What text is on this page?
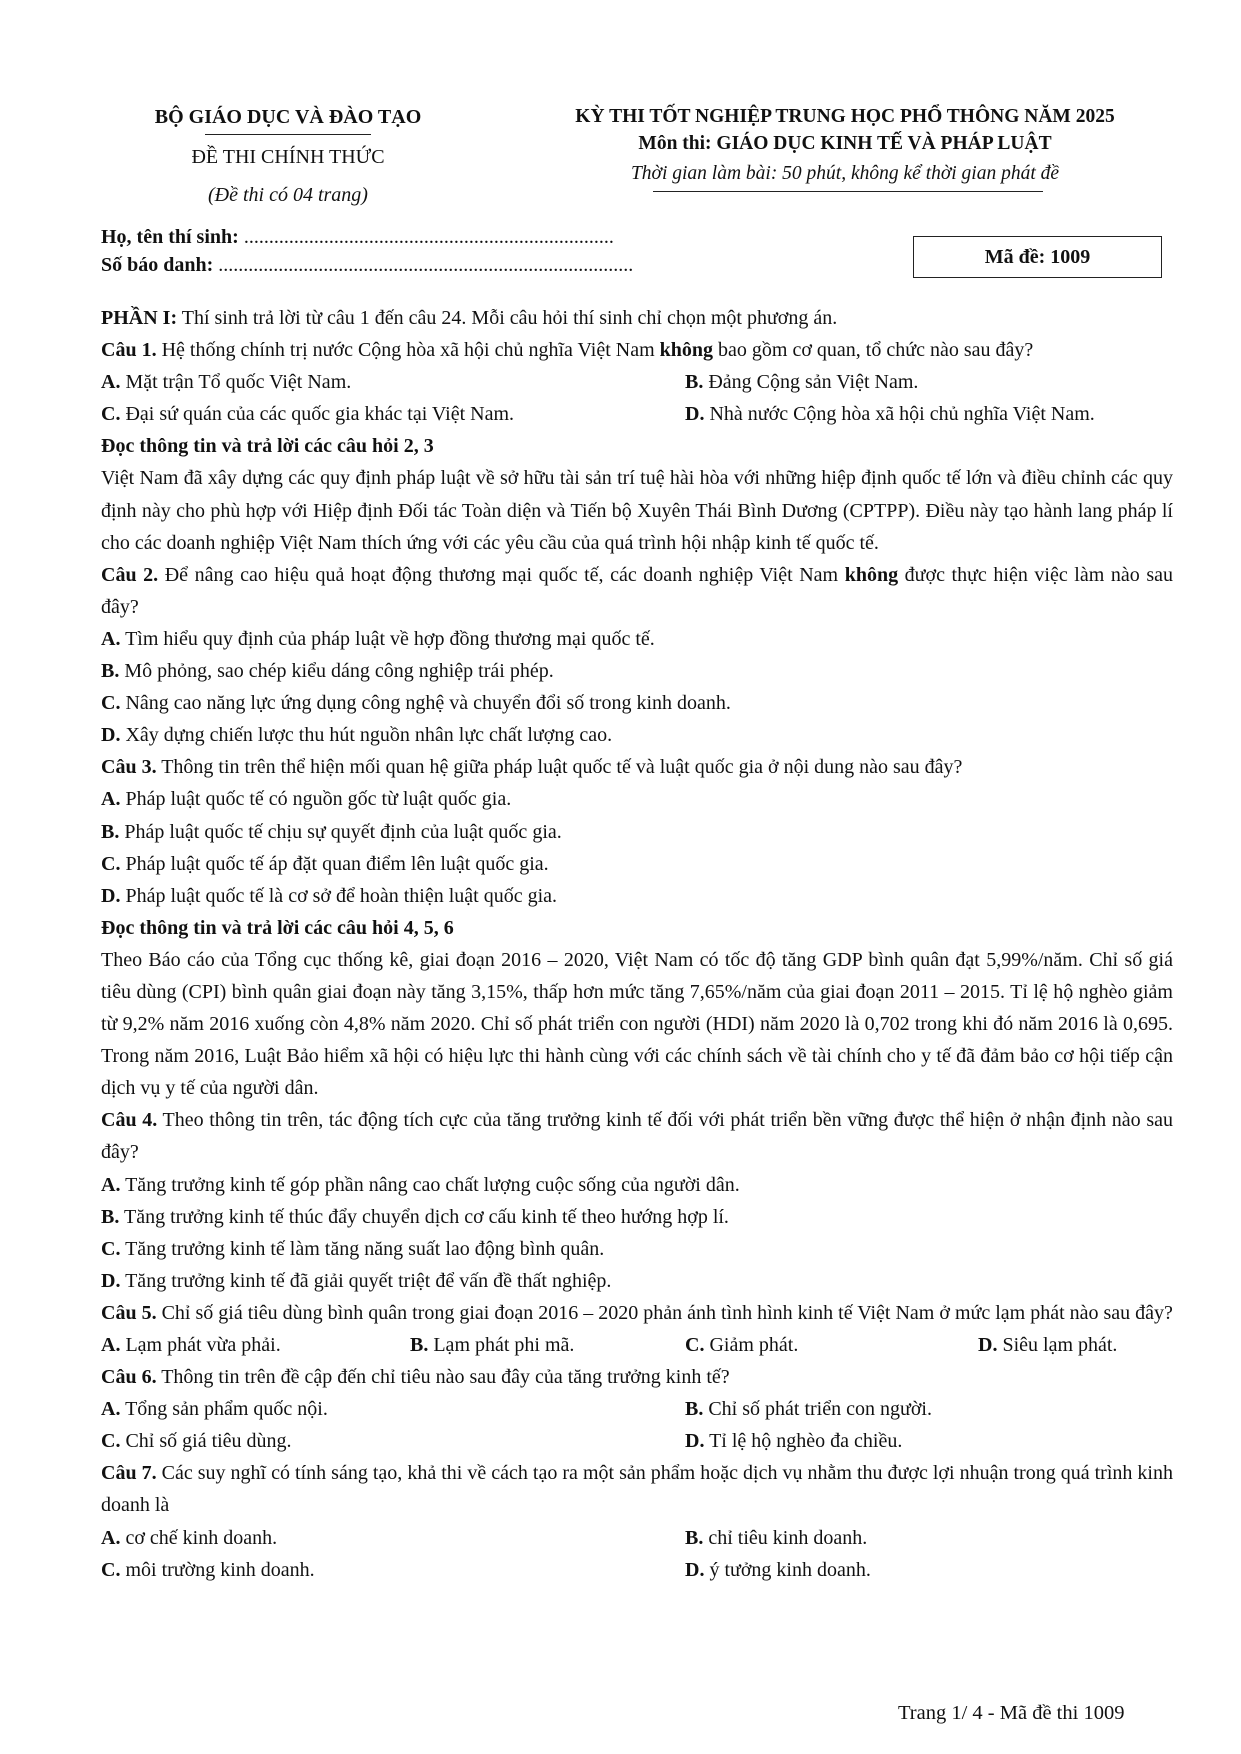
BỘ GIÁO DỤC VÀ ĐÀO TẠO
ĐỀ THI CHÍNH THỨC
(Đề thi có 04 trang)
KỲ THI TỐT NGHIỆP TRUNG HỌC PHỔ THÔNG NĂM 2025
Môn thi: GIÁO DỤC KINH TẾ VÀ PHÁP LUẬT
Thời gian làm bài: 50 phút, không kể thời gian phát đề
Họ, tên thí sinh: ..........................................................................
Số báo danh: ...................................................................................	Mã đề: 1009
PHẦN I: Thí sinh trả lời từ câu 1 đến câu 24. Mỗi câu hỏi thí sinh chỉ chọn một phương án.
Câu 1. Hệ thống chính trị nước Cộng hòa xã hội chủ nghĩa Việt Nam không bao gồm cơ quan, tổ chức nào sau đây?
A. Mặt trận Tổ quốc Việt Nam.	B. Đảng Cộng sản Việt Nam.
C. Đại sứ quán của các quốc gia khác tại Việt Nam.	D. Nhà nước Cộng hòa xã hội chủ nghĩa Việt Nam.
Đọc thông tin và trả lời các câu hỏi 2, 3
Việt Nam đã xây dựng các quy định pháp luật về sở hữu tài sản trí tuệ hài hòa với những hiệp định quốc tế lớn và điều chỉnh các quy định này cho phù hợp với Hiệp định Đối tác Toàn diện và Tiến bộ Xuyên Thái Bình Dương (CPTPP). Điều này tạo hành lang pháp lí cho các doanh nghiệp Việt Nam thích ứng với các yêu cầu của quá trình hội nhập kinh tế quốc tế.
Câu 2. Để nâng cao hiệu quả hoạt động thương mại quốc tế, các doanh nghiệp Việt Nam không được thực hiện việc làm nào sau đây?
A. Tìm hiểu quy định của pháp luật về hợp đồng thương mại quốc tế.
B. Mô phỏng, sao chép kiểu dáng công nghiệp trái phép.
C. Nâng cao năng lực ứng dụng công nghệ và chuyển đổi số trong kinh doanh.
D. Xây dựng chiến lược thu hút nguồn nhân lực chất lượng cao.
Câu 3. Thông tin trên thể hiện mối quan hệ giữa pháp luật quốc tế và luật quốc gia ở nội dung nào sau đây?
A. Pháp luật quốc tế có nguồn gốc từ luật quốc gia.
B. Pháp luật quốc tế chịu sự quyết định của luật quốc gia.
C. Pháp luật quốc tế áp đặt quan điểm lên luật quốc gia.
D. Pháp luật quốc tế là cơ sở để hoàn thiện luật quốc gia.
Đọc thông tin và trả lời các câu hỏi 4, 5, 6
Theo Báo cáo của Tổng cục thống kê, giai đoạn 2016 – 2020, Việt Nam có tốc độ tăng GDP bình quân đạt 5,99%/năm. Chỉ số giá tiêu dùng (CPI) bình quân giai đoạn này tăng 3,15%, thấp hơn mức tăng 7,65%/năm của giai đoạn 2011 – 2015. Tỉ lệ hộ nghèo giảm từ 9,2% năm 2016 xuống còn 4,8% năm 2020. Chỉ số phát triển con người (HDI) năm 2020 là 0,702 trong khi đó năm 2016 là 0,695. Trong năm 2016, Luật Bảo hiểm xã hội có hiệu lực thi hành cùng với các chính sách về tài chính cho y tế đã đảm bảo cơ hội tiếp cận dịch vụ y tế của người dân.
Câu 4. Theo thông tin trên, tác động tích cực của tăng trưởng kinh tế đối với phát triển bền vững được thể hiện ở nhận định nào sau đây?
A. Tăng trưởng kinh tế góp phần nâng cao chất lượng cuộc sống của người dân.
B. Tăng trưởng kinh tế thúc đẩy chuyển dịch cơ cấu kinh tế theo hướng hợp lí.
C. Tăng trưởng kinh tế làm tăng năng suất lao động bình quân.
D. Tăng trưởng kinh tế đã giải quyết triệt để vấn đề thất nghiệp.
Câu 5. Chỉ số giá tiêu dùng bình quân trong giai đoạn 2016 – 2020 phản ánh tình hình kinh tế Việt Nam ở mức lạm phát nào sau đây?
A. Lạm phát vừa phải.	B. Lạm phát phi mã.	C. Giảm phát.	D. Siêu lạm phát.
Câu 6. Thông tin trên đề cập đến chỉ tiêu nào sau đây của tăng trưởng kinh tế?
A. Tổng sản phẩm quốc nội.	B. Chỉ số phát triển con người.
C. Chỉ số giá tiêu dùng.	D. Tỉ lệ hộ nghèo đa chiều.
Câu 7. Các suy nghĩ có tính sáng tạo, khả thi về cách tạo ra một sản phẩm hoặc dịch vụ nhằm thu được lợi nhuận trong quá trình kinh doanh là
A. cơ chế kinh doanh.	B. chỉ tiêu kinh doanh.
C. môi trường kinh doanh.	D. ý tưởng kinh doanh.
Trang 1/ 4 - Mã đề thi 1009
